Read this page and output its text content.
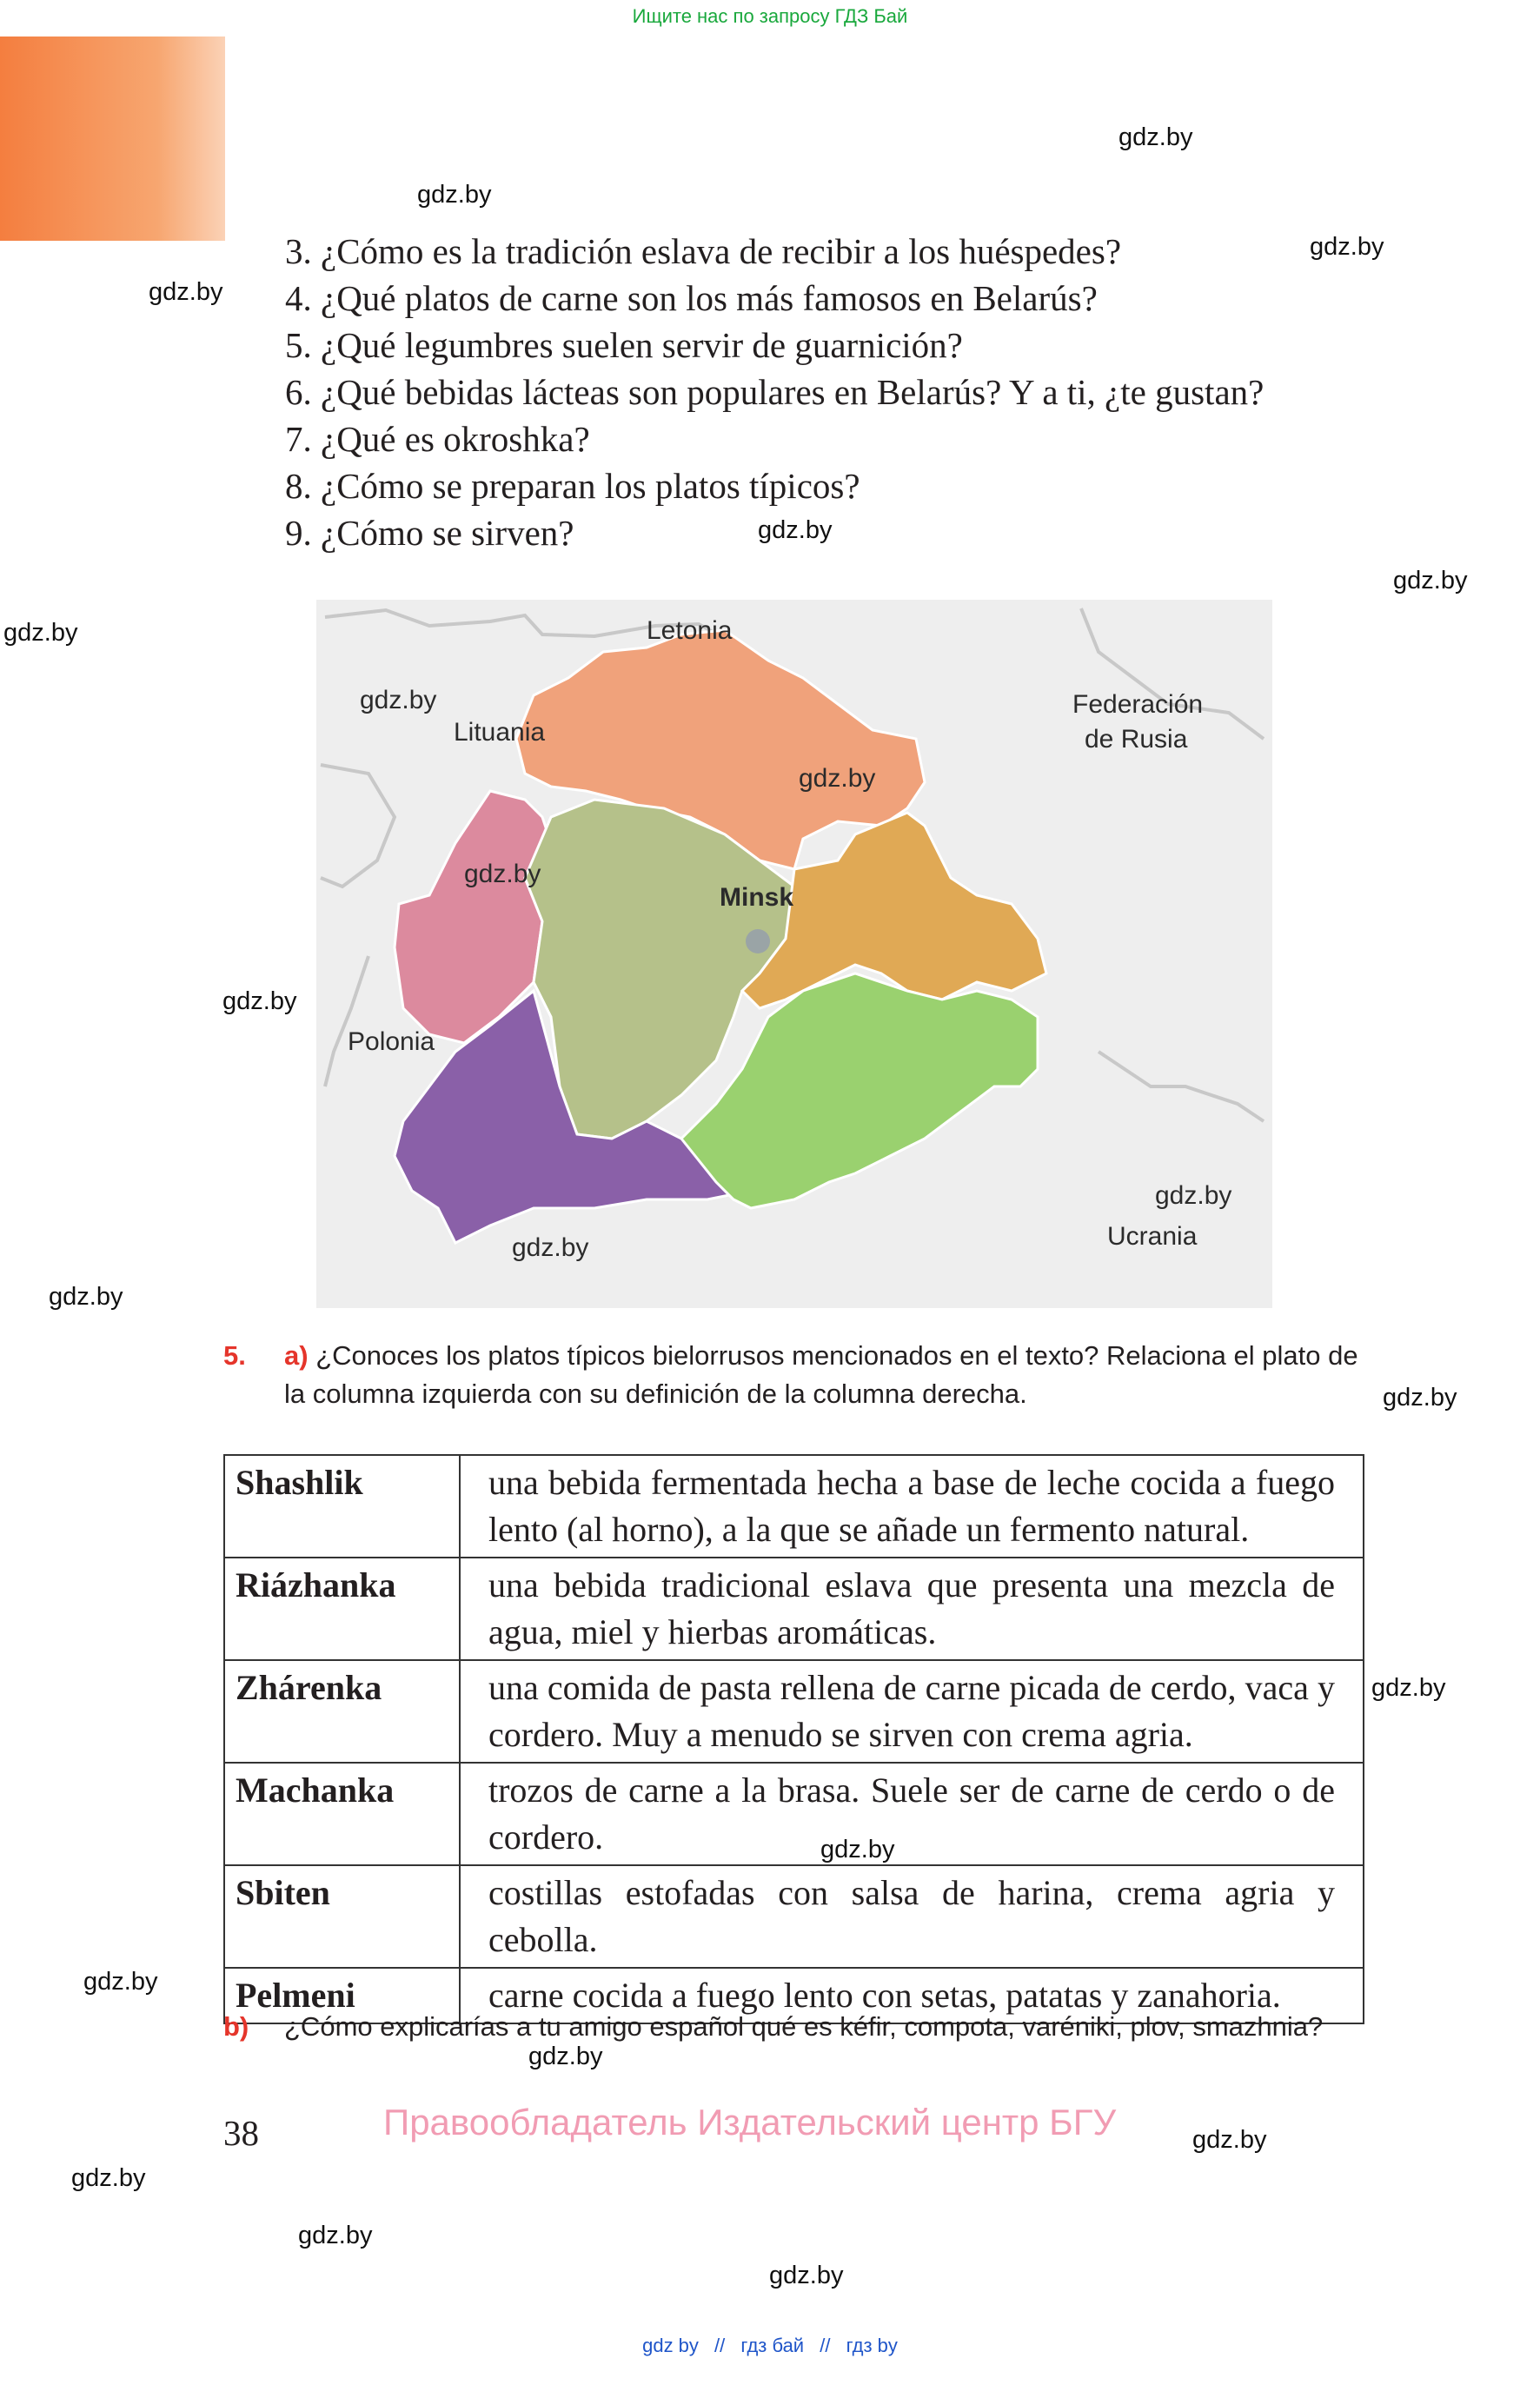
Ищите нас по запросу ГДЗ Бай
gdz.by
gdz.by
gdz.by
gdz.by
gdz.by
gdz.by
gdz.by
gdz.by
gdz.by
gdz.by
gdz.by
gdz.by
gdz.by
gdz.by
gdz.by
gdz.by
gdz.by
gdz.by
3. ¿Cómo es la tradición eslava de recibir a los huéspedes?
4. ¿Qué platos de carne son los más famosos en Belarús?
5. ¿Qué legumbres suelen servir de guarnición?
6. ¿Qué bebidas lácteas son populares en Belarús? Y a ti, ¿te gustan?
7. ¿Qué es okroshka?
8. ¿Cómo se preparan los platos típicos?
9. ¿Cómo se sirven?
Letonia
Lituania
Federación
de Rusia
Minsk
Polonia
Ucrania
gdz.by
gdz.by
gdz.by
gdz.by
gdz.by
5. a) ¿Conoces los platos típicos bielorrusos mencionados en el texto? Relaciona el plato de la columna izquierda con su definición de la columna derecha.
Shashlik	una bebida fermentada hecha a base de leche cocida a fuego lento (al horno), a la que se añade un fermento natural.
Riázhanka	una bebida tradicional eslava que presenta una mezcla de agua, miel y hierbas aromáticas.
Zhárenka	una comida de pasta rellena de carne picada de cerdo, vaca y cordero. Muy a menudo se sirven con crema agria.
Machanka	trozos de carne a la brasa. Suele ser de carne de cerdo o de cordero.
Sbiten	costillas estofadas con salsa de harina, crema agria y cebolla.
Pelmeni	carne cocida a fuego lento con setas, patatas y zanahoria.
b) ¿Cómo explicarías a tu amigo español qué es kéfir, compota, varéniki, plov, smazhnia?
38	Правообладатель Издательский центр БГУ
gdz by // гдз бай // гдз by
